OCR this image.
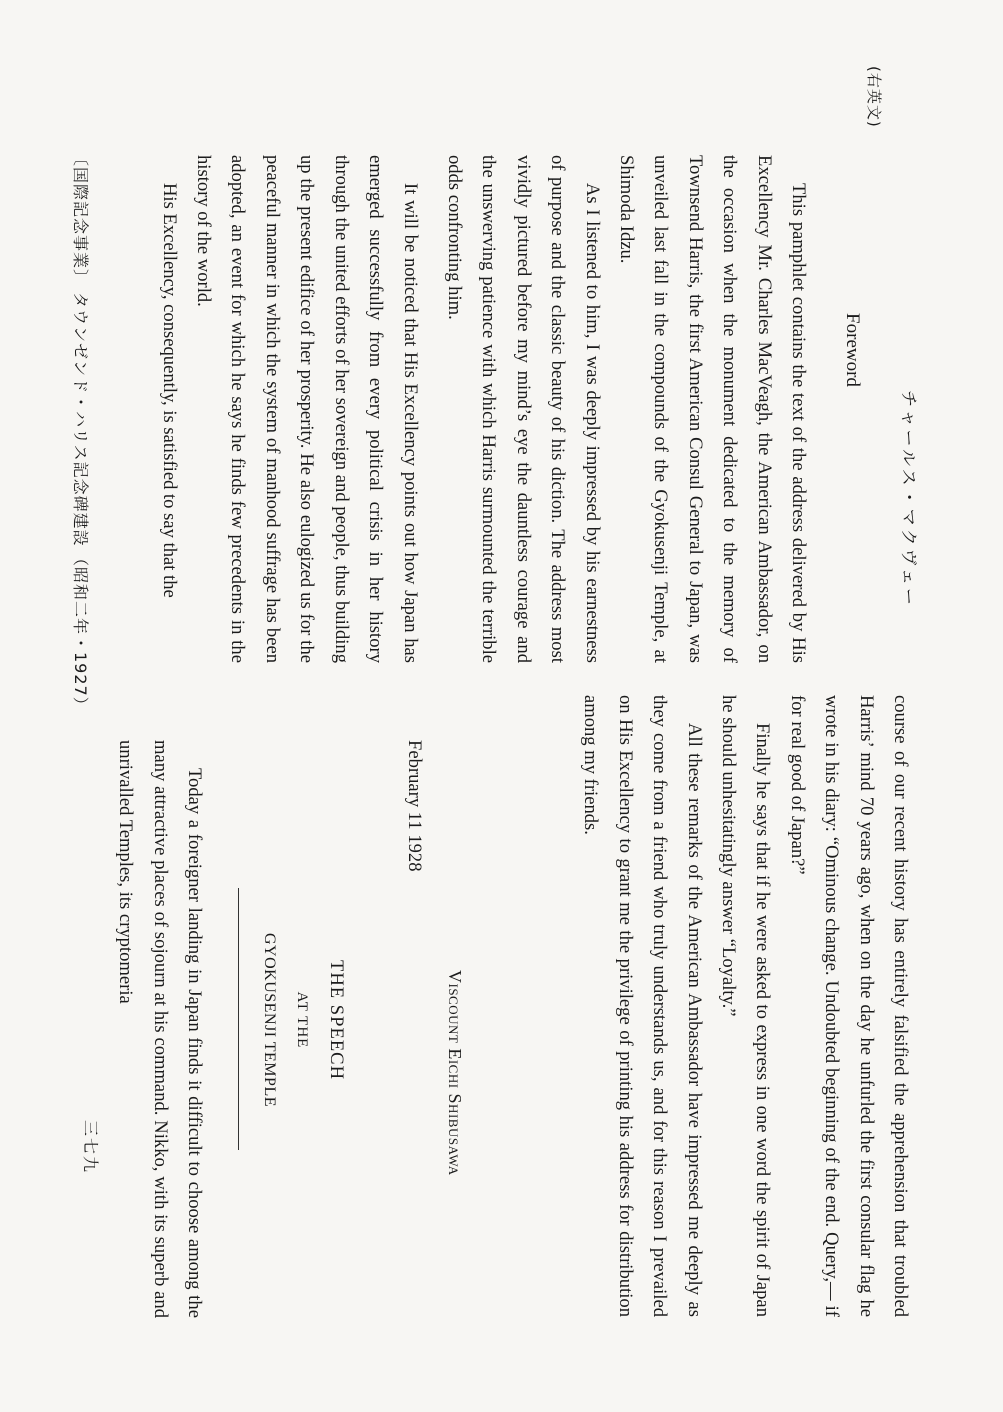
(右英文)
チャールス・マクヴェー
Foreword

This pamphlet contains the text of the address delivered by His Excellency Mr. Charles MacVeagh, the American Ambassador, on the occasion when the monument dedicated to the memory of Townsend Harris, the first American Consul General to Japan, was unveiled last fall in the compounds of the Gyokusenji Temple, at Shimoda Idzu.

As I listened to him, I was deeply impressed by his earnestness of purpose and the classic beauty of his diction. The address most vividly pictured before my mind’s eye the dauntless courage and the unswerving patience with which Harris surmounted the terrible odds confronting him.

It will be noticed that His Excellency points out how Japan has emerged successfully from every political crisis in her history through the united efforts of her sovereign and people, thus building up the present edifice of her prosperity. He also eulogized us for the peaceful manner in which the system of manhood suffrage has been adopted, an event for which he says he finds few precedents in the history of the world.

His Excellency, consequently, is satisfied to say that the

course of our recent history has entirely falsified the apprehension that troubled Harris’ mind 70 years ago, when on the day he unfurled the first consular flag he wrote in his diary: “Ominous change. Undoubted beginning of the end. Query,— if for real good of Japan?”

Finally he says that if he were asked to express in one word the spirit of Japan he should unhesitatingly answer “Loyalty.”

All these remarks of the American Ambassador have impressed me deeply as they come from a friend who truly understands us, and for this reason I prevailed on His Excellency to grant me the privilege of printing his address for distribution among my friends.

Viscount Eichi Shibusawa
February 11 1928
THE SPEECH
AT THE
GYOKUSENJI TEMPLE

Today a foreigner landing in Japan finds it difficult to choose among the many attractive places of sojourn at his command. Nikko, with its superb and unrivalled Temples, its cryptomeria

〔国際記念事業〕
タウンゼンド・ハリス記念碑建設
（昭和二年・1927）
三七九
